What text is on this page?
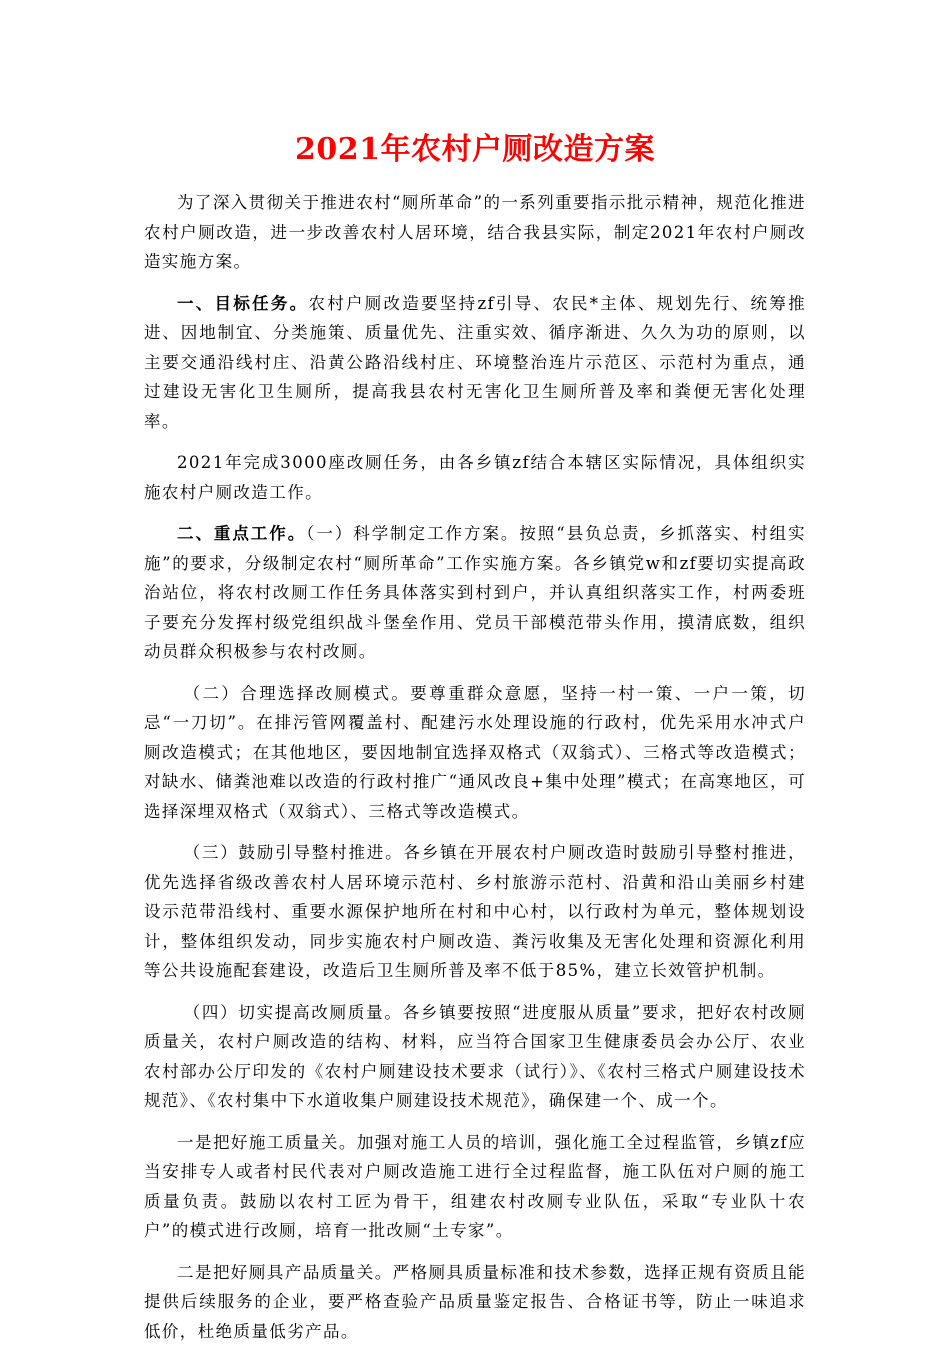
2021年农村户厕改造方案

为了深入贯彻关于推进农村“厕所革命”的一系列重要指示批示精神，规范化推进农村户厕改造，进一步改善农村人居环境，结合我县实际，制定2021年农村户厕改造实施方案。

一、目标任务。农村户厕改造要坚持zf引导、农民*主体、规划先行、统筹推进、因地制宜、分类施策、质量优先、注重实效、循序渐进、久久为功的原则，以主要交通沿线村庄、沿黄公路沿线村庄、环境整治连片示范区、示范村为重点，通过建设无害化卫生厕所，提高我县农村无害化卫生厕所普及率和粪便无害化处理率。

2021年完成3000座改厕任务，由各乡镇zf结合本辖区实际情况，具体组织实施农村户厕改造工作。

二、重点工作。（一）科学制定工作方案。按照“县负总责，乡抓落实、村组实施”的要求，分级制定农村“厕所革命”工作实施方案。各乡镇党w和zf要切实提高政治站位，将农村改厕工作任务具体落实到村到户，并认真组织落实工作，村两委班子要充分发挥村级党组织战斗堡垒作用、党员干部模范带头作用，摸清底数，组织动员群众积极参与农村改厕。

（二）合理选择改厕模式。要尊重群众意愿，坚持一村一策、一户一策，切忌“一刀切”。在排污管网覆盖村、配建污水处理设施的行政村，优先采用水冲式户厕改造模式；在其他地区，要因地制宜选择双格式（双翁式）、三格式等改造模式；对缺水、储粪池难以改造的行政村推广“通风改良+集中处理”模式；在高寒地区，可选择深埋双格式（双翁式）、三格式等改造模式。

（三）鼓励引导整村推进。各乡镇在开展农村户厕改造时鼓励引导整村推进，优先选择省级改善农村人居环境示范村、乡村旅游示范村、沿黄和沿山美丽乡村建设示范带沿线村、重要水源保护地所在村和中心村，以行政村为单元，整体规划设计，整体组织发动，同步实施农村户厕改造、粪污收集及无害化处理和资源化利用等公共设施配套建设，改造后卫生厕所普及率不低于85%，建立长效管护机制。

（四）切实提高改厕质量。各乡镇要按照“进度服从质量”要求，把好农村改厕质量关，农村户厕改造的结构、材料，应当符合国家卫生健康委员会办公厅、农业农村部办公厅印发的《农村户厕建设技术要求（试行）》、《农村三格式户厕建设技术规范》、《农村集中下水道收集户厕建设技术规范》，确保建一个、成一个。

一是把好施工质量关。加强对施工人员的培训，强化施工全过程监管，乡镇zf应当安排专人或者村民代表对户厕改造施工进行全过程监督，施工队伍对户厕的施工质量负责。鼓励以农村工匠为骨干，组建农村改厕专业队伍，采取“专业队十农户”的模式进行改厕，培育一批改厕“土专家”。

二是把好厕具产品质量关。严格厕具质量标准和技术参数，选择正规有资质且能提供后续服务的企业，要严格查验产品质量鉴定报告、合格证书等，防止一味追求低价，杜绝质量低劣产品。
